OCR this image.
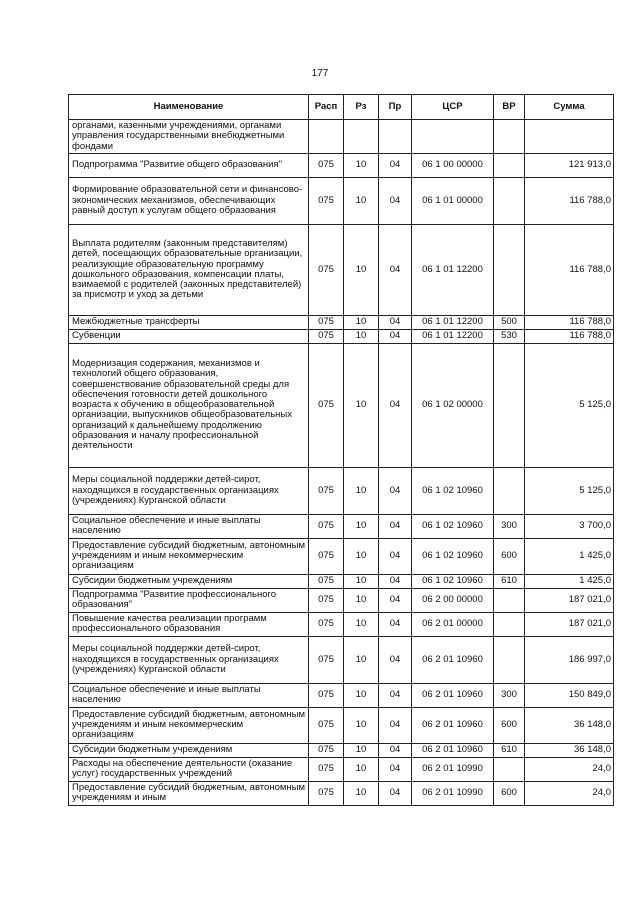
177
Наименование	Расп	Рз	Пр	ЦСР	ВР	Сумма
органами, казенными учреждениями, органами управления государственными внебюджетными фондами						
Подпрограмма "Развитие общего образования"	075	10	04	06 1 00 00000		121 913,0
Формирование образовательной сети и финансово-экономических механизмов, обеспечивающих равный доступ к услугам общего образования	075	10	04	06 1 01 00000		116 788,0
Выплата родителям (законным представителям) детей, посещающих образовательные организации, реализующие образовательную программу дошкольного образования, компенсации платы, взимаемой с родителей (законных представителей) за присмотр и уход за детьми	075	10	04	06 1 01 12200		116 788,0
Межбюджетные трансферты	075	10	04	06 1 01 12200	500	116 788,0
Субвенции	075	10	04	06 1 01 12200	530	116 788,0
Модернизация содержания, механизмов и технологий общего образования, совершенствование образовательной среды для обеспечения готовности детей дошкольного возраста к обучению в общеобразовательной организации, выпускников общеобразовательных организаций к дальнейшему продолжению образования и началу профессиональной деятельности	075	10	04	06 1 02 00000		5 125,0
Меры социальной поддержки детей-сирот, находящихся в государственных организациях (учреждениях) Курганской области	075	10	04	06 1 02 10960		5 125,0
Социальное обеспечение и иные выплаты населению	075	10	04	06 1 02 10960	300	3 700,0
Предоставление субсидий бюджетным, автономным учреждениям и иным некоммерческим организациям	075	10	04	06 1 02 10960	600	1 425,0
Субсидии бюджетным учреждениям	075	10	04	06 1 02 10960	610	1 425,0
Подпрограмма "Развитие профессионального образования"	075	10	04	06 2 00 00000		187 021,0
Повышение качества реализации программ профессионального образования	075	10	04	06 2 01 00000		187 021,0
Меры социальной поддержки детей-сирот, находящихся в государственных организациях (учреждениях) Курганской области	075	10	04	06 2 01 10960		186 997,0
Социальное обеспечение и иные выплаты населению	075	10	04	06 2 01 10960	300	150 849,0
Предоставление субсидий бюджетным, автономным учреждениям и иным некоммерческим организациям	075	10	04	06 2 01 10960	600	36 148,0
Субсидии бюджетным учреждениям	075	10	04	06 2 01 10960	610	36 148,0
Расходы на обеспечение деятельности (оказание услуг) государственных учреждений	075	10	04	06 2 01 10990		24,0
Предоставление субсидий бюджетным, автономным учреждениям и иным	075	10	04	06 2 01 10990	600	24,0
